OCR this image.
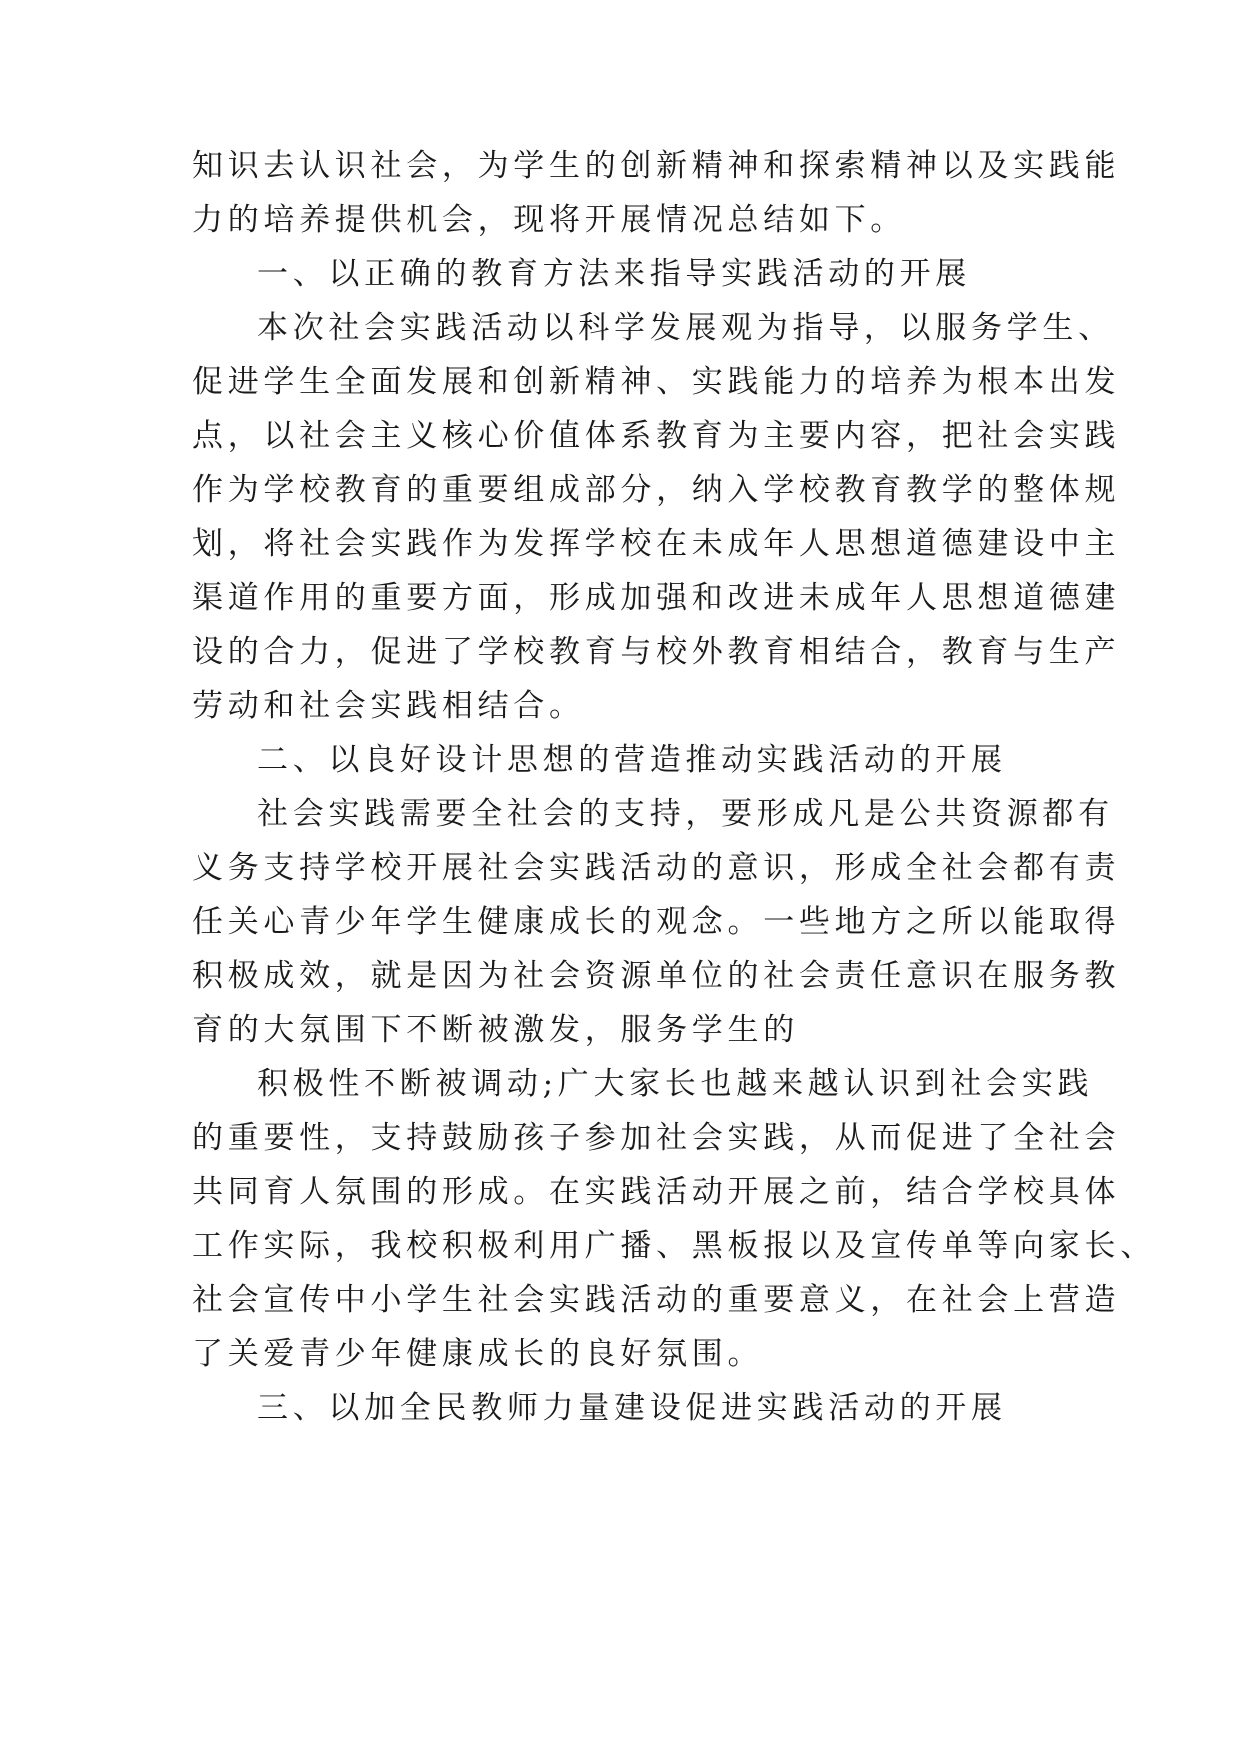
知识去认识社会，为学生的创新精神和探索精神以及实践能
力的培养提供机会，现将开展情况总结如下。
一、以正确的教育方法来指导实践活动的开展
本次社会实践活动以科学发展观为指导，以服务学生、
促进学生全面发展和创新精神、实践能力的培养为根本出发
点，以社会主义核心价值体系教育为主要内容，把社会实践
作为学校教育的重要组成部分，纳入学校教育教学的整体规
划，将社会实践作为发挥学校在未成年人思想道德建设中主
渠道作用的重要方面，形成加强和改进未成年人思想道德建
设的合力，促进了学校教育与校外教育相结合，教育与生产
劳动和社会实践相结合。
二、以良好设计思想的营造推动实践活动的开展
社会实践需要全社会的支持，要形成凡是公共资源都有
义务支持学校开展社会实践活动的意识，形成全社会都有责
任关心青少年学生健康成长的观念。一些地方之所以能取得
积极成效，就是因为社会资源单位的社会责任意识在服务教
育的大氛围下不断被激发，服务学生的
积极性不断被调动;广大家长也越来越认识到社会实践
的重要性，支持鼓励孩子参加社会实践，从而促进了全社会
共同育人氛围的形成。在实践活动开展之前，结合学校具体
工作实际，我校积极利用广播、黑板报以及宣传单等向家长、
社会宣传中小学生社会实践活动的重要意义，在社会上营造
了关爱青少年健康成长的良好氛围。
三、以加全民教师力量建设促进实践活动的开展
